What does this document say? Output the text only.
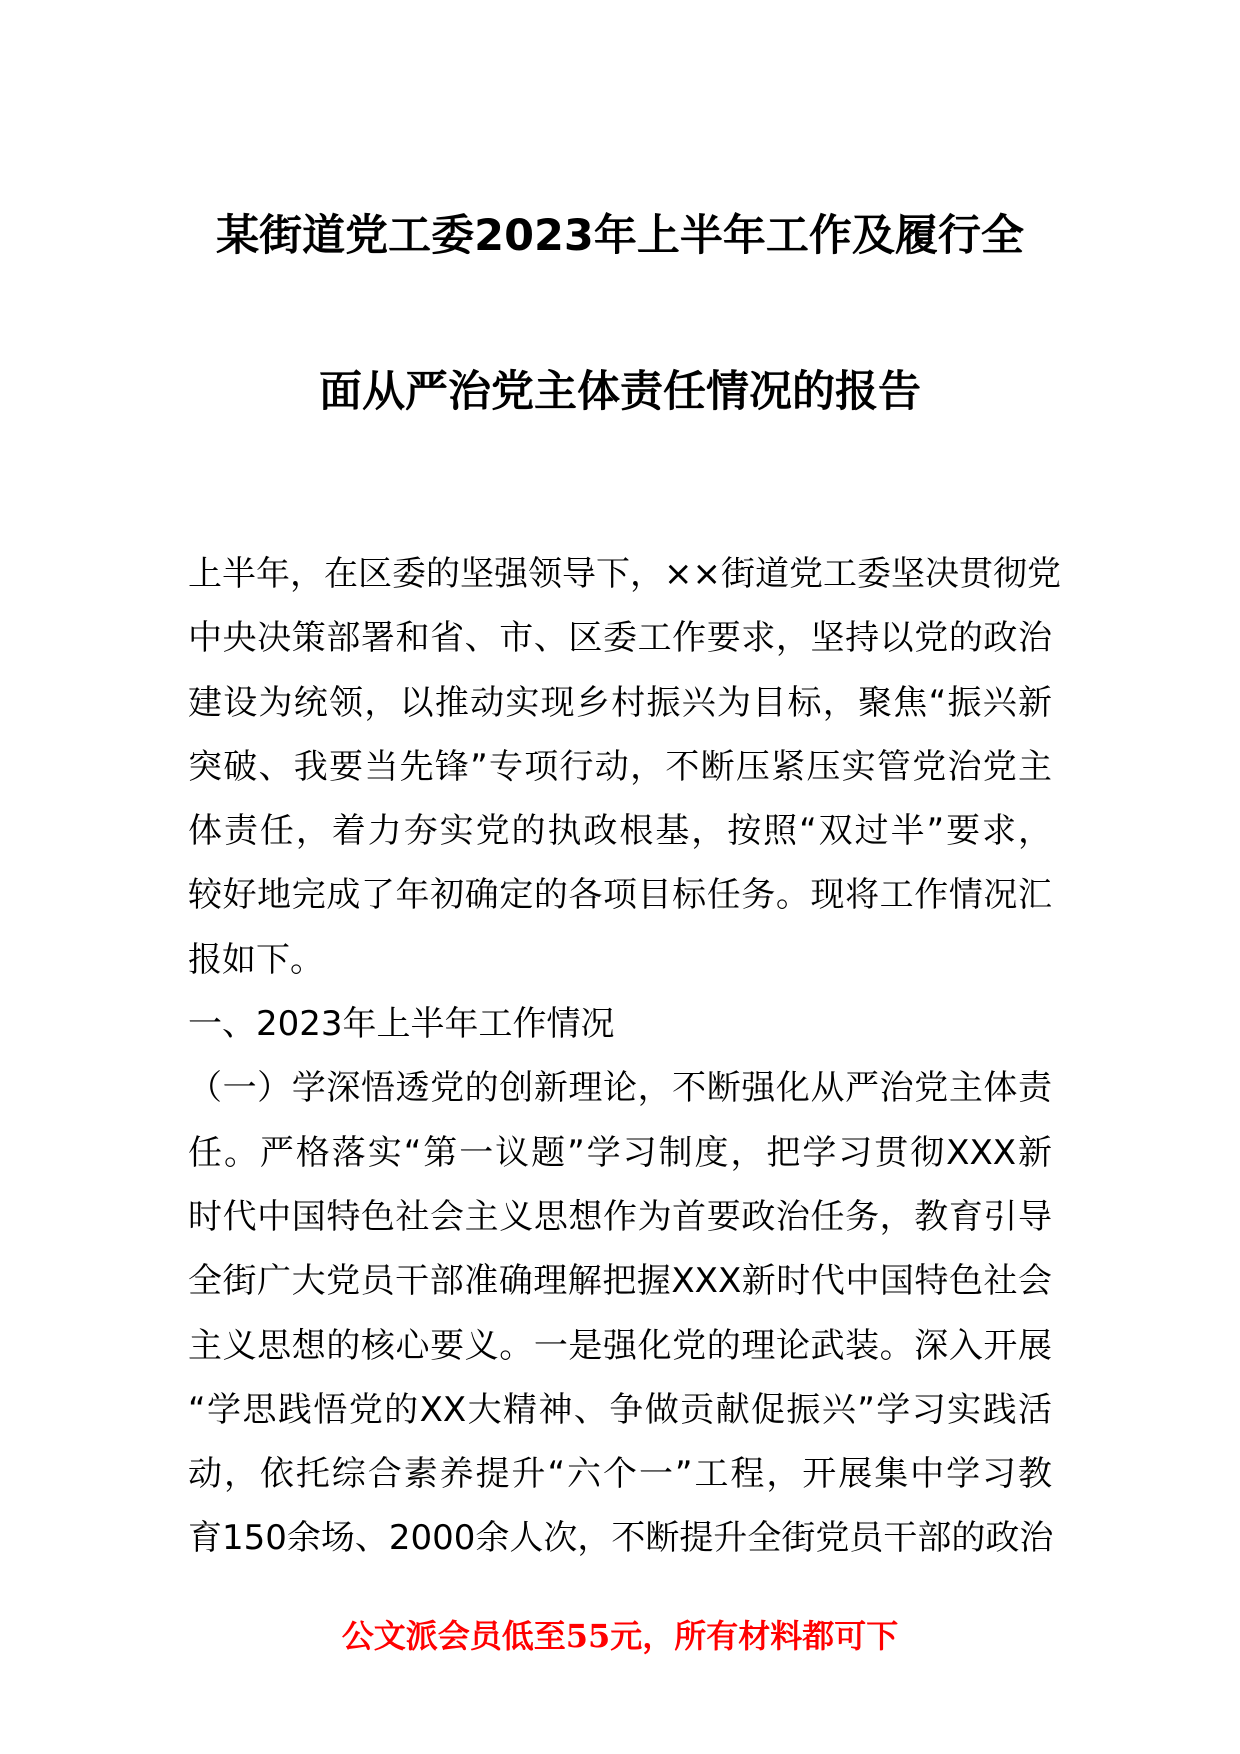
某街道党工委2023年上半年工作及履行全
面从严治党主体责任情况的报告
上半年，在区委的坚强领导下，××街道党工委坚决贯彻党
中央决策部署和省、市、区委工作要求，坚持以党的政治
建设为统领，以推动实现乡村振兴为目标，聚焦“振兴新
突破、我要当先锋”专项行动，不断压紧压实管党治党主
体责任，着力夯实党的执政根基，按照“双过半”要求，
较好地完成了年初确定的各项目标任务。现将工作情况汇
报如下。
一、2023年上半年工作情况
（一）学深悟透党的创新理论，不断强化从严治党主体责
任。严格落实“第一议题”学习制度，把学习贯彻XXX新
时代中国特色社会主义思想作为首要政治任务，教育引导
全街广大党员干部准确理解把握XXX新时代中国特色社会
主义思想的核心要义。一是强化党的理论武装。深入开展
“学思践悟党的XX大精神、争做贡献促振兴”学习实践活
动，依托综合素养提升“六个一”工程，开展集中学习教
育150余场、2000余人次，不断提升全街党员干部的政治

公文派会员低至55元，所有材料都可下
